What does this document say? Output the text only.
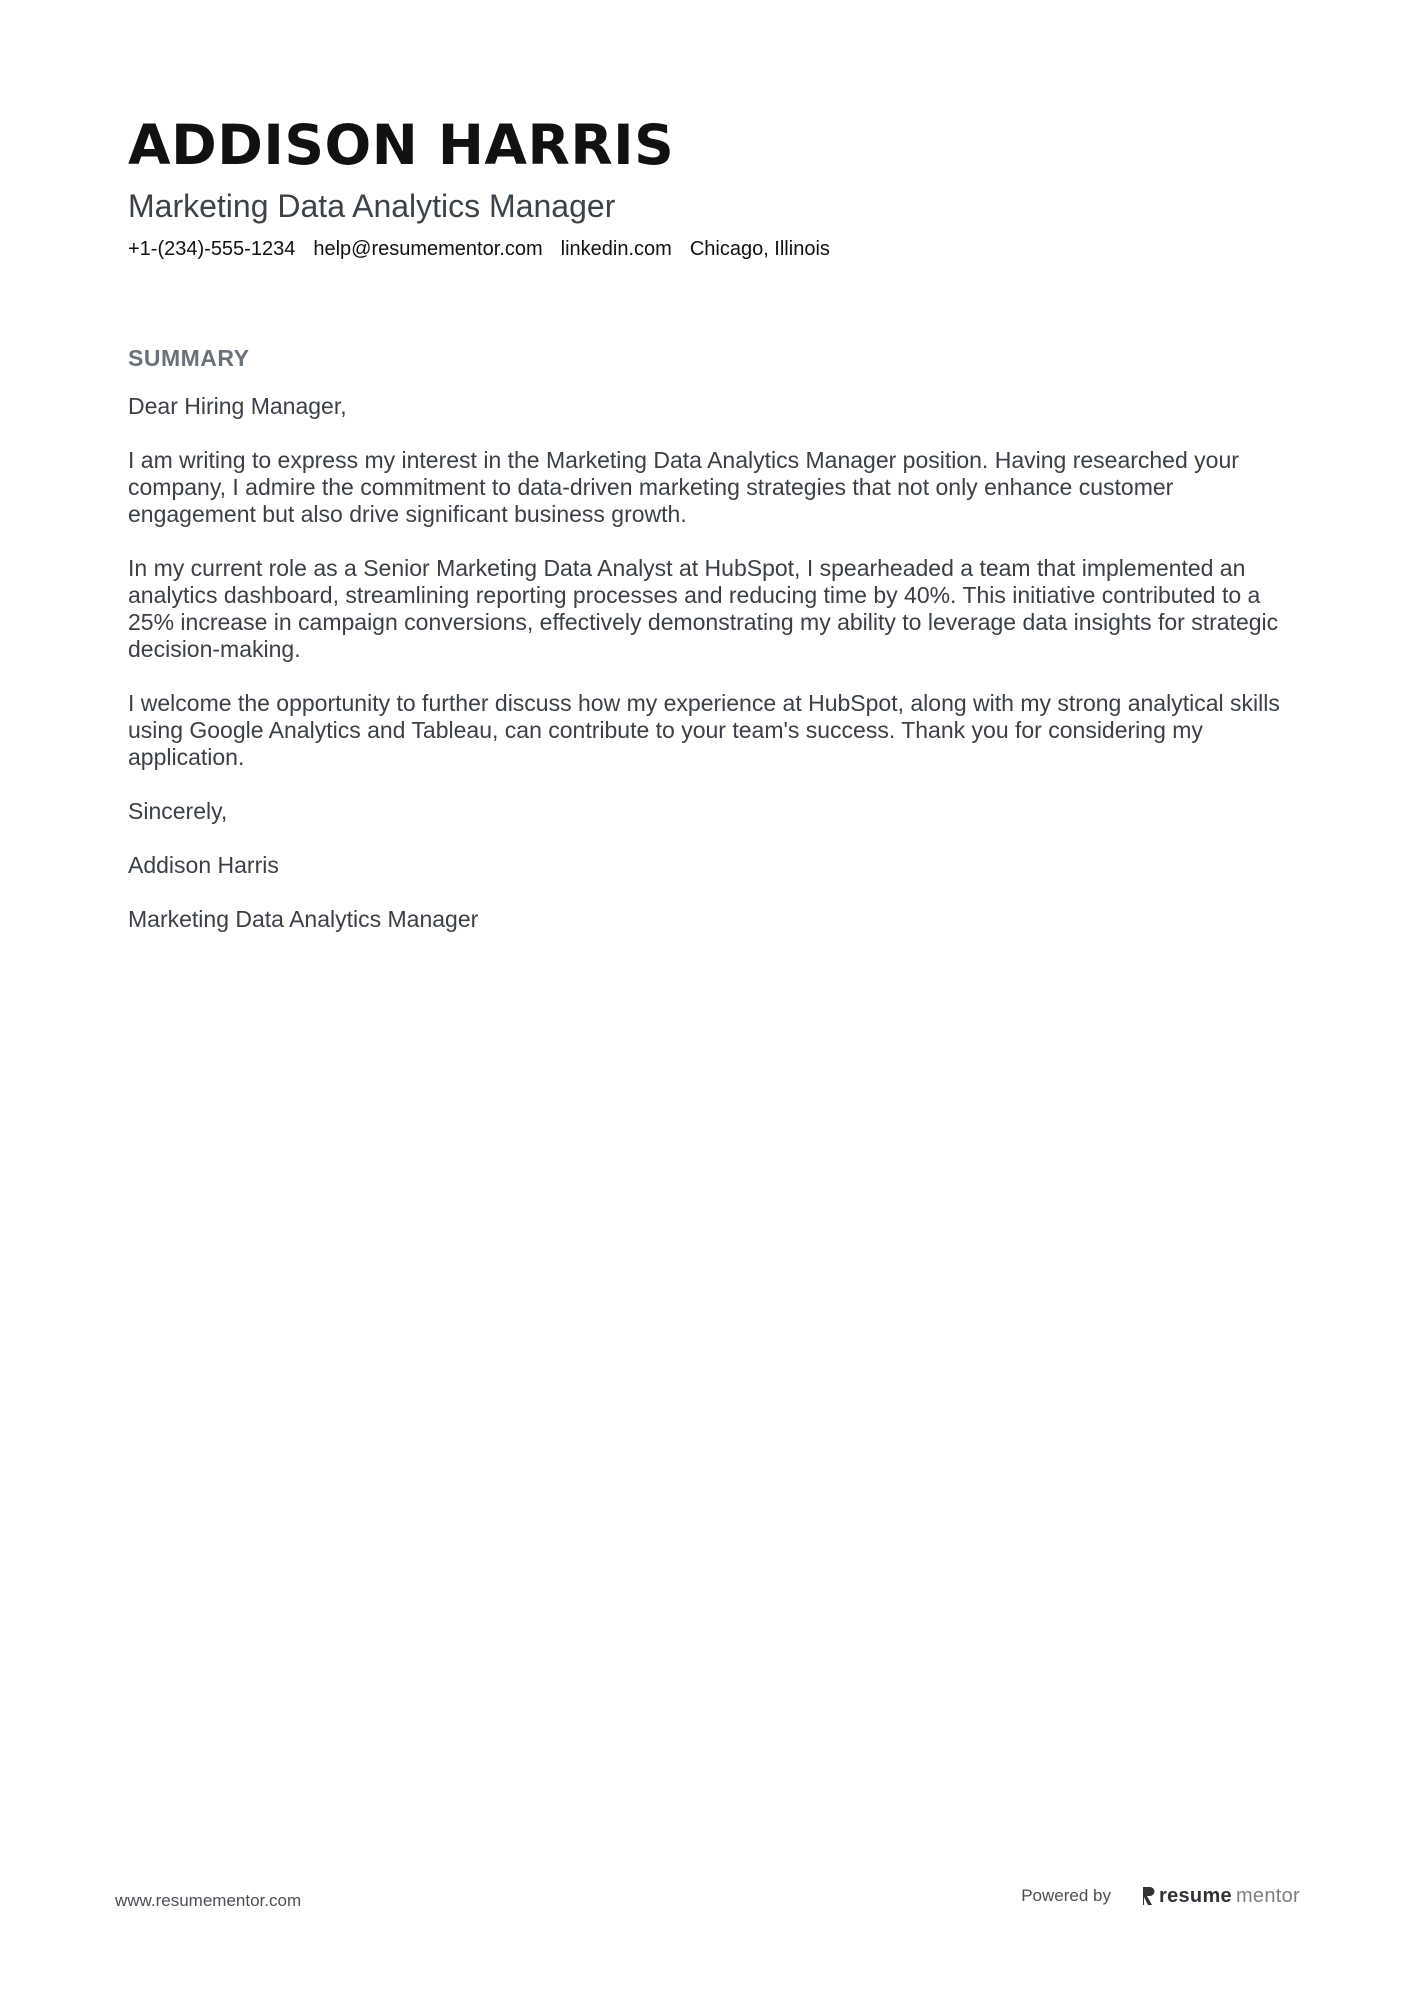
ADDISON HARRIS
Marketing Data Analytics Manager
+1-(234)-555-1234 help@resumementor.com linkedin.com Chicago, Illinois
SUMMARY

Dear Hiring Manager,

I am writing to express my interest in the Marketing Data Analytics Manager position. Having researched your company, I admire the commitment to data-driven marketing strategies that not only enhance customer engagement but also drive significant business growth.

In my current role as a Senior Marketing Data Analyst at HubSpot, I spearheaded a team that implemented an analytics dashboard, streamlining reporting processes and reducing time by 40%. This initiative contributed to a 25% increase in campaign conversions, effectively demonstrating my ability to leverage data insights for strategic decision-making.

I welcome the opportunity to further discuss how my experience at HubSpot, along with my strong analytical skills using Google Analytics and Tableau, can contribute to your team's success. Thank you for considering my application.

Sincerely,

Addison Harris

Marketing Data Analytics Manager

www.resumementor.com	Powered by resume mentor
